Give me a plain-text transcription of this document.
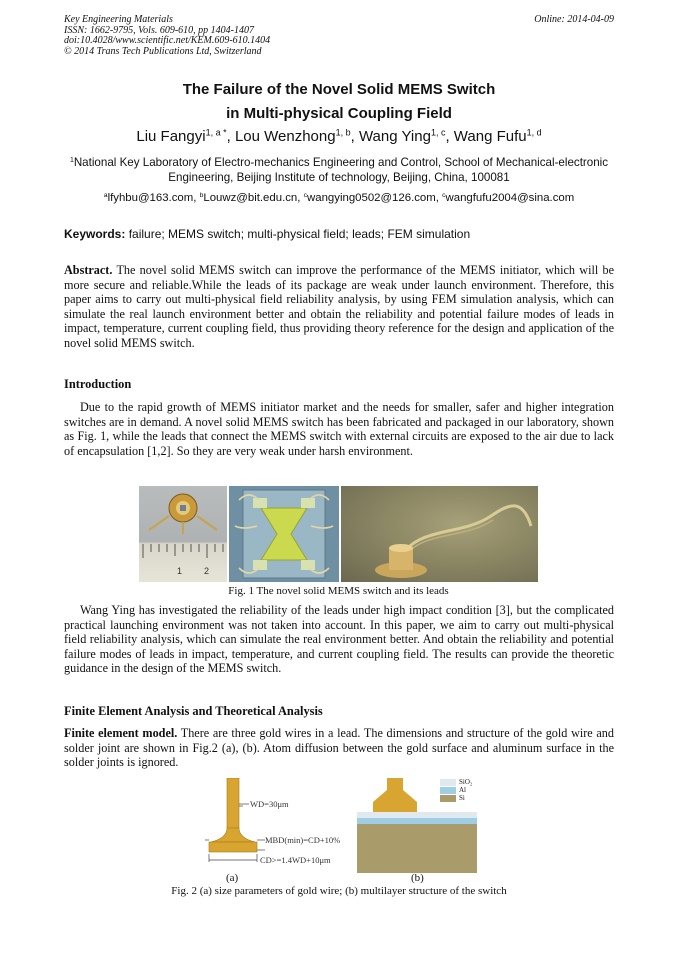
Key Engineering Materials
ISSN: 1662-9795, Vols. 609-610, pp 1404-1407
doi:10.4028/www.scientific.net/KEM.609-610.1404
© 2014 Trans Tech Publications Ltd, Switzerland
Online: 2014-04-09
The Failure of the Novel Solid MEMS Switch
in Multi-physical Coupling Field
Liu Fangyi$^{1, a *}$, Lou Wenzhong$^{1, b}$, Wang Ying$^{1, c}$, Wang Fufu$^{1, d}$
$^1$National Key Laboratory of Electro-mechanics Engineering and Control, School of Mechanical-electronic Engineering, Beijing Institute of technology, Beijing, China, 100081
$^a$lfyhbu@163.com, $^b$Louwz@bit.edu.cn, $^c$wangying0502@126.com, $^c$wangfufu2004@sina.com
Keywords: failure; MEMS switch; multi-physical field; leads; FEM simulation
Abstract. The novel solid MEMS switch can improve the performance of the MEMS initiator, which will be more secure and reliable.While the leads of its package are weak under launch environment. Therefore, this paper aims to carry out multi-physical field reliability analysis, by using FEM simulation analysis, which can simulate the real launch environment better and obtain the reliability and potential failure modes of leads in impact, temperature, current coupling field, thus providing theory reference for the design and application of the novel solid MEMS switch.
Introduction
Due to the rapid growth of MEMS initiator market and the needs for smaller, safer and higher integration switches are in demand. A novel solid MEMS switch has been fabricated and packaged in our laboratory, shown as Fig. 1, while the leads that connect the MEMS switch with external circuits are exposed to the air due to lack of encapsulation [1,2]. So they are very weak under harsh environment.
1 2
Fig. 1 The novel solid MEMS switch and its leads
Wang Ying has investigated the reliability of the leads under high impact condition [3], but the complicated practical launching environment was not taken into account. In this paper, we aim to carry out multi-physical field reliability analysis, which can simulate the real environment better. And obtain the reliability and potential failure modes of leads in impact, temperature, and current coupling field. The results can provide the theoretic guidance in the design of the MEMS switch.
Finite Element Analysis and Theoretical Analysis
Finite element model. There are three gold wires in a lead. The dimensions and structure of the gold wire and solder joint are shown in Fig.2 (a), (b). Atom diffusion between the gold surface and aluminum surface in the solder joints is ignored.
WD=30μm
MBD(min)=CD+10%
CD>=1.4WD+10μm
(a)
SiO₂
Al
Si
(b)
Fig. 2 (a) size parameters of gold wire; (b) multilayer structure of the switch
